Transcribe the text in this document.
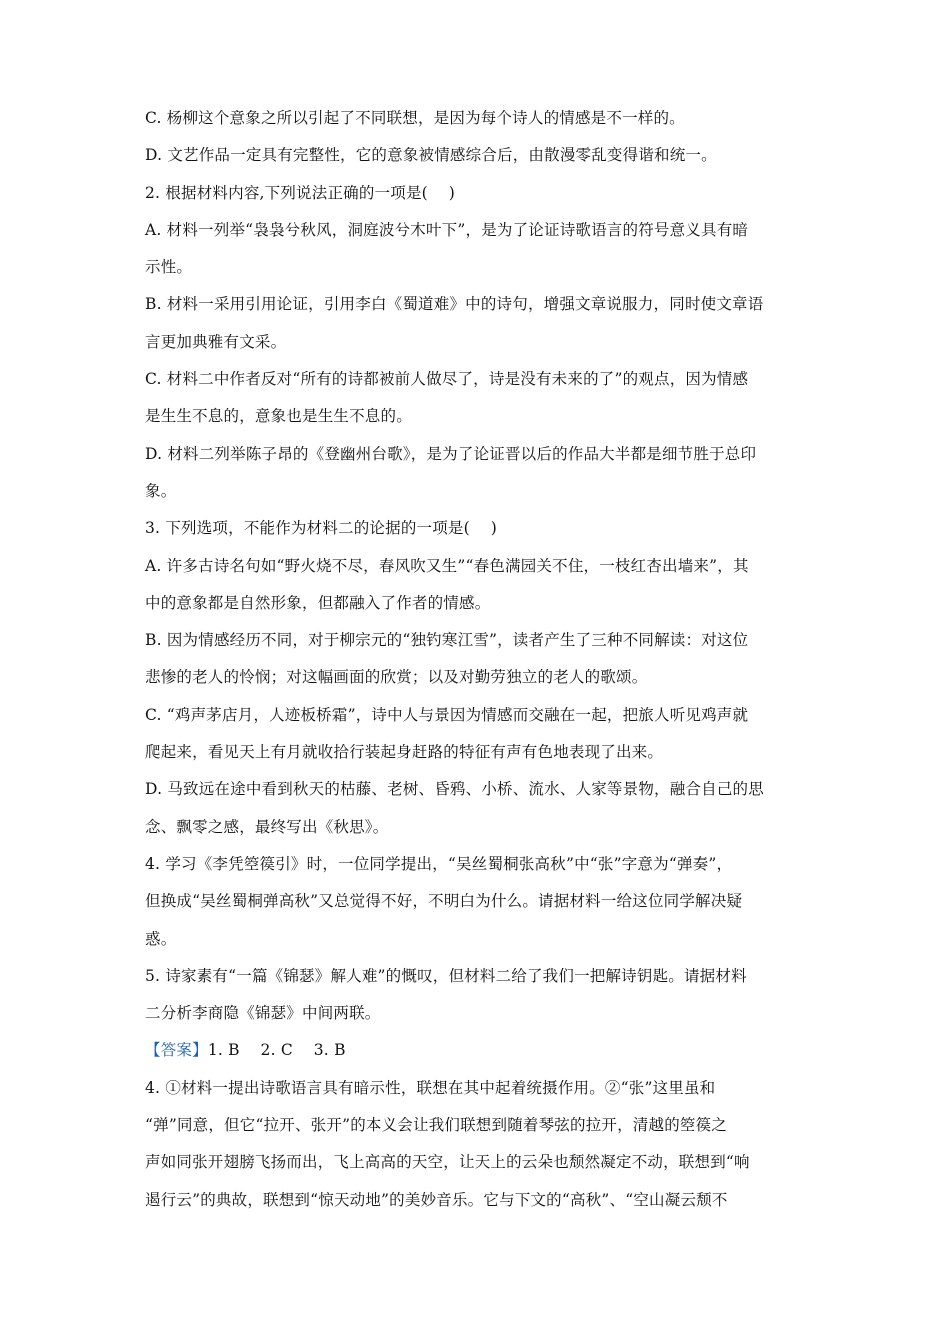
C. 杨柳这个意象之所以引起了不同联想，是因为每个诗人的情感是不一样的。
D. 文艺作品一定具有完整性，它的意象被情感综合后，由散漫零乱变得谐和统一。
2. 根据材料内容,下列说法正确的一项是(　 )
A. 材料一列举“袅袅兮秋风，洞庭波兮木叶下”，是为了论证诗歌语言的符号意义具有暗
示性。
B. 材料一采用引用论证，引用李白《蜀道难》中的诗句，增强文章说服力，同时使文章语
言更加典雅有文采。
C. 材料二中作者反对“所有的诗都被前人做尽了，诗是没有未来的了”的观点，因为情感
是生生不息的，意象也是生生不息的。
D. 材料二列举陈子昂的《登幽州台歌》，是为了论证晋以后的作品大半都是细节胜于总印
象。
3. 下列选项，不能作为材料二的论据的一项是(　 )
A. 许多古诗名句如“野火烧不尽，春风吹又生”“春色满园关不住，一枝红杏出墙来”，其
中的意象都是自然形象，但都融入了作者的情感。
B. 因为情感经历不同，对于柳宗元的“独钓寒江雪”，读者产生了三种不同解读：对这位
悲惨的老人的怜悯；对这幅画面的欣赏；以及对勤劳独立的老人的歌颂。
C. “鸡声茅店月，人迹板桥霜”，诗中人与景因为情感而交融在一起，把旅人听见鸡声就
爬起来，看见天上有月就收拾行装起身赶路的特征有声有色地表现了出来。
D. 马致远在途中看到秋天的枯藤、老树、昏鸦、小桥、流水、人家等景物，融合自己的思
念、飘零之感，最终写出《秋思》。
4. 学习《李凭箜篌引》时，一位同学提出，“吴丝蜀桐张高秋”中“张”字意为“弹奏”，
但换成“吴丝蜀桐弹高秋”又总觉得不好，不明白为什么。请据材料一给这位同学解决疑
惑。
5. 诗家素有“一篇《锦瑟》解人难”的慨叹，但材料二给了我们一把解诗钥匙。请据材料
二分析李商隐《锦瑟》中间两联。
【答案】1. B　 2. C　 3. B
4. ①材料一提出诗歌语言具有暗示性，联想在其中起着统摄作用。②“张”这里虽和
“弹”同意，但它“拉开、张开”的本义会让我们联想到随着琴弦的拉开，清越的箜篌之
声如同张开翅膀飞扬而出，飞上高高的天空，让天上的云朵也颓然凝定不动，联想到“响
遏行云”的典故，联想到“惊天动地”的美妙音乐。它与下文的“高秋”、“空山凝云颓不
